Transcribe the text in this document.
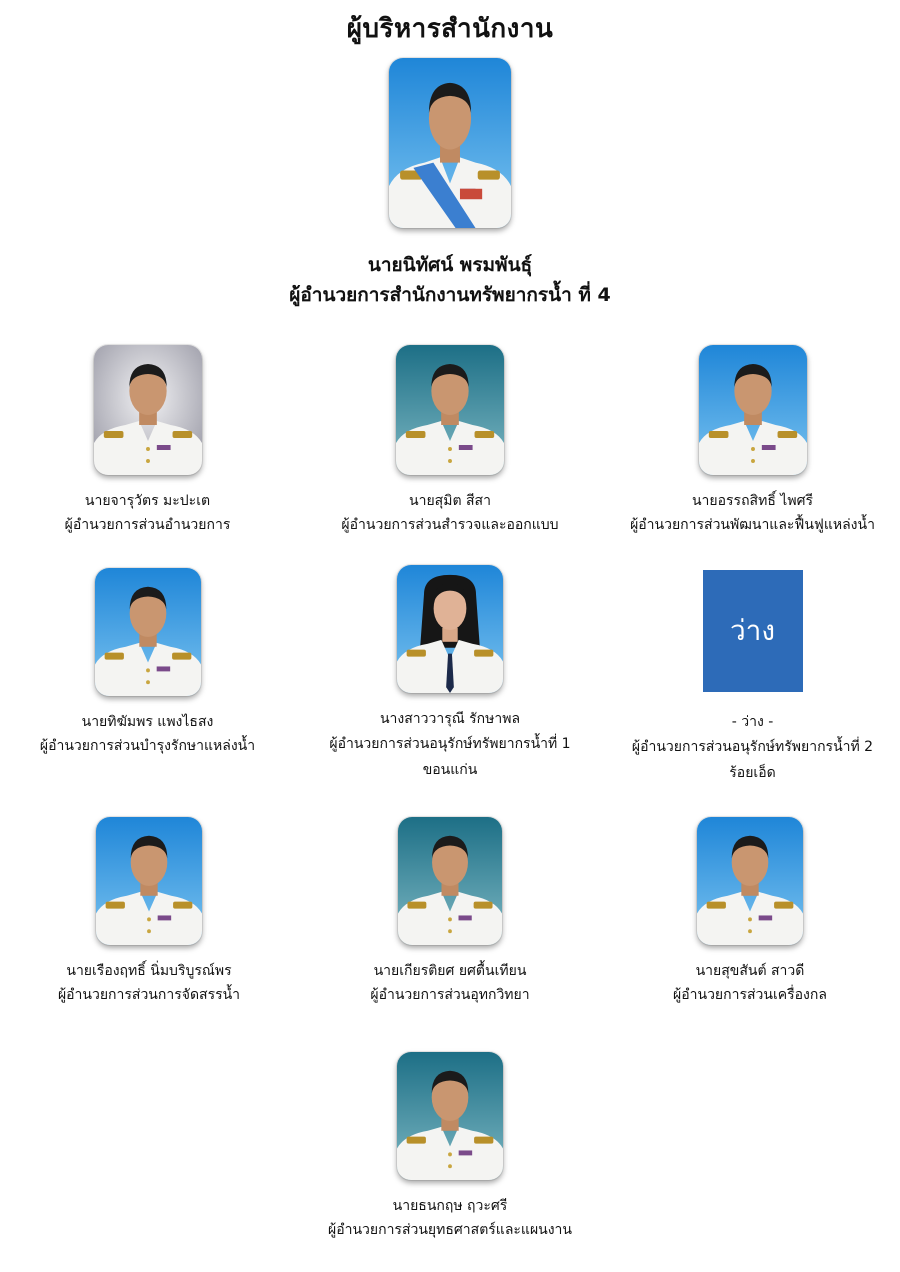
ผู้บริหารสำนักงาน
นายนิทัศน์ พรมพันธุ์
ผู้อำนวยการสำนักงานทรัพยากรน้ำ ที่ 4
นายจารุวัตร มะปะเต
ผู้อำนวยการส่วนอำนวยการ
นายสุมิต สีสา
ผู้อำนวยการส่วนสำรวจและออกแบบ
นายอรรถสิทธิ์ ไพศรี
ผู้อำนวยการส่วนพัฒนาและฟื้นฟูแหล่งน้ำ
นายทิฆัมพร แพงไธสง
ผู้อำนวยการส่วนบำรุงรักษาแหล่งน้ำ
นางสาววารุณี รักษาพล
ผู้อำนวยการส่วนอนุรักษ์ทรัพยากรน้ำที่ 1
ขอนแก่น
ว่าง
- ว่าง -
ผู้อำนวยการส่วนอนุรักษ์ทรัพยากรน้ำที่ 2
ร้อยเอ็ด
นายเรืองฤทธิ์ นิ่มบริบูรณ์พร
ผู้อำนวยการส่วนการจัดสรรน้ำ
นายเกียรติยศ ยศตื้นเทียน
ผู้อำนวยการส่วนอุทกวิทยา
นายสุขสันต์ สาวดี
ผู้อำนวยการส่วนเครื่องกล
นายธนกฤษ ฤวะศรี
ผู้อำนวยการส่วนยุทธศาสตร์และแผนงาน
